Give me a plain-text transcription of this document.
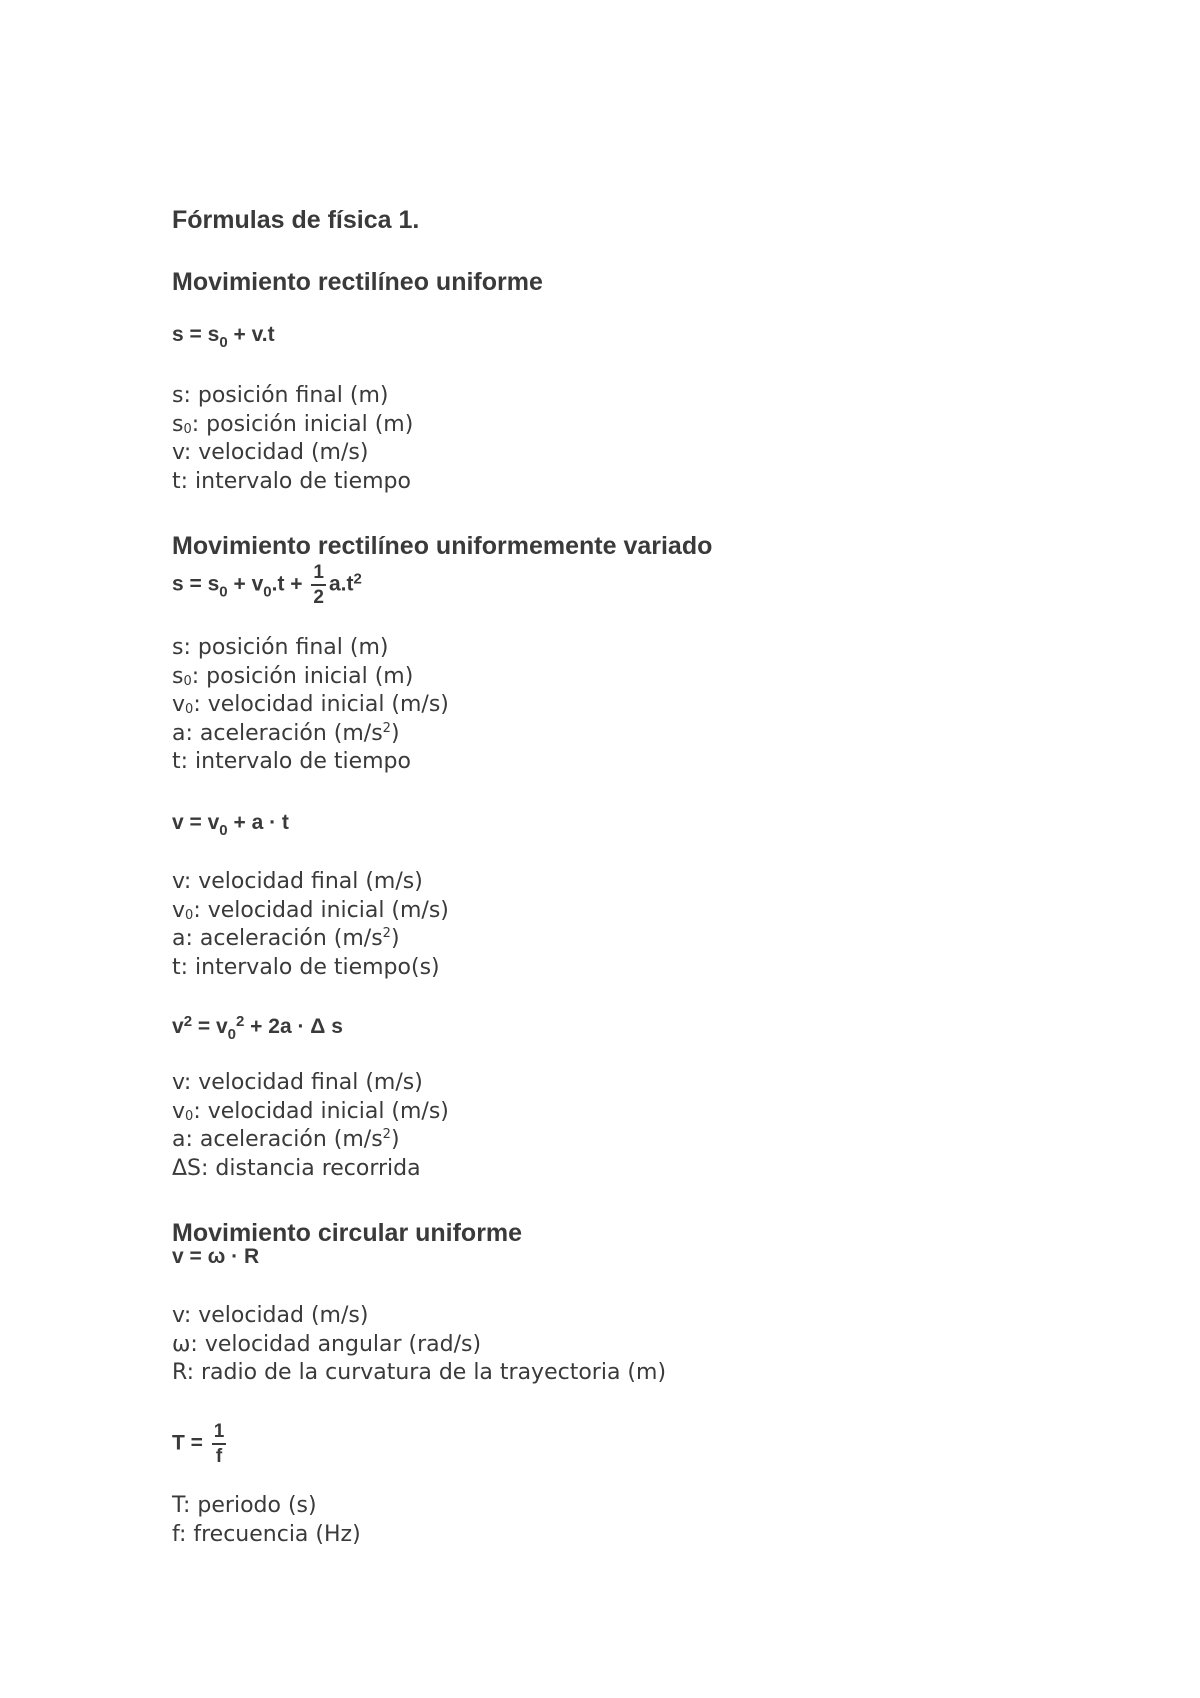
Fórmulas de física 1.
Movimiento rectilíneo uniforme
$s = s_0 + v.t$
s: posición final (m)
$s_0$: posición inicial (m)
v: velocidad (m/s)
t: intervalo de tiempo
Movimiento rectilíneo uniformemente variado
$s = s_0 + v_0.t + \frac{1}{2} a.t^2$
s: posición final (m)
$s_0$: posición inicial (m)
$v_0$: velocidad inicial (m/s)
a: aceleración $(m/s^2)$
t: intervalo de tiempo
$v = v_0 + a \cdot t$
v: velocidad final (m/s)
$v_0$: velocidad inicial (m/s)
a: aceleración $(m/s^2)$
t: intervalo de tiempo(s)
$v^2 = v_0^2 + 2a \cdot \Delta$ s
v: velocidad final (m/s)
$v_0$: velocidad inicial (m/s)
a: aceleración $(m/s^2)$
ΔS: distancia recorrida
Movimiento circular uniforme
v = ω · R
v: velocidad (m/s)
ω: velocidad angular (rad/s)
R: radio de la curvatura de la trayectoria (m)
$T = \frac{1}{f}$
T: periodo (s)
f: frecuencia (Hz)
